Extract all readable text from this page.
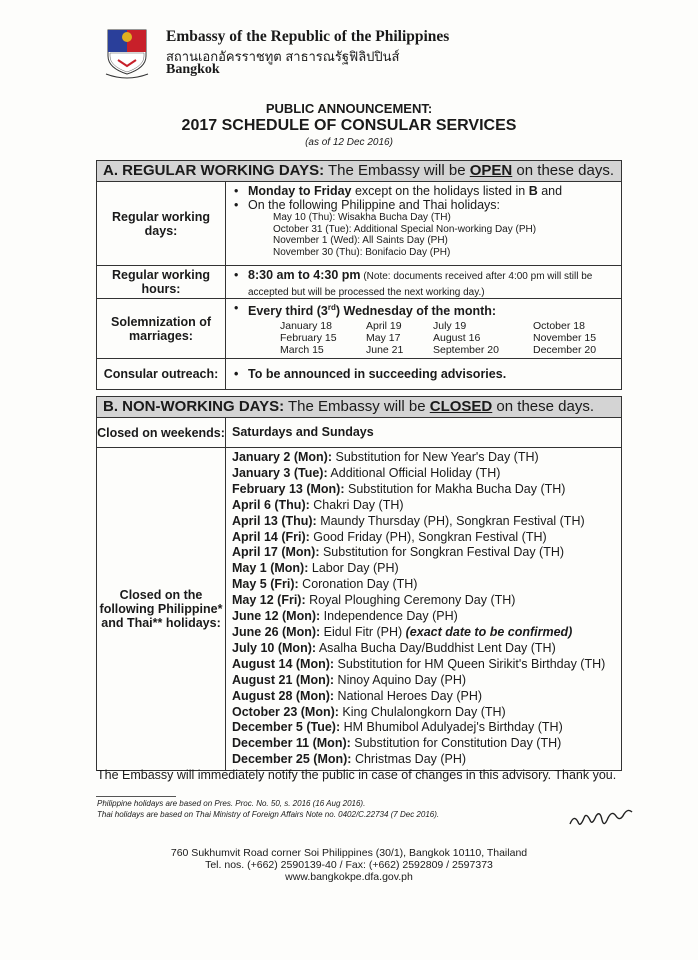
Embassy of the Republic of the Philippines
สถานเอกอัครราชทูต สาธารณรัฐฟิลิปปินส์
Bangkok
PUBLIC ANNOUNCEMENT:
2017 SCHEDULE OF CONSULAR SERVICES
(as of 12 Dec 2016)
A. REGULAR WORKING DAYS: The Embassy will be OPEN on these days.
Regular working days:
• Monday to Friday except on the holidays listed in B and
• On the following Philippine and Thai holidays:
May 10 (Thu): Wisakha Bucha Day (TH)
October 31 (Tue): Additional Special Non-working Day (PH)
November 1 (Wed): All Saints Day (PH)
November 30 (Thu): Bonifacio Day (PH)
Regular working hours:
• 8:30 am to 4:30 pm (Note: documents received after 4:00 pm will still be accepted but will be processed the next working day.)
Solemnization of marriages:
• Every third (3rd) Wednesday of the month:
January 18	April 19	July 19	October 18
February 15	May 17	August 16	November 15
March 15	June 21	September 20	December 20
Consular outreach:
•	To be announced in succeeding advisories.
B. NON-WORKING DAYS: The Embassy will be CLOSED on these days.
Closed on weekends: Saturdays and Sundays
Closed on the following Philippine* and Thai** holidays:
January 2 (Mon): Substitution for New Year's Day (TH)
January 3 (Tue): Additional Official Holiday (TH)
February 13 (Mon): Substitution for Makha Bucha Day (TH)
April 6 (Thu): Chakri Day (TH)
April 13 (Thu): Maundy Thursday (PH), Songkran Festival (TH)
April 14 (Fri): Good Friday (PH), Songkran Festival (TH)
April 17 (Mon): Substitution for Songkran Festival Day (TH)
May 1 (Mon): Labor Day (PH)
May 5 (Fri): Coronation Day (TH)
May 12 (Fri): Royal Ploughing Ceremony Day (TH)
June 12 (Mon): Independence Day (PH)
June 26 (Mon): Eidul Fitr (PH) (exact date to be confirmed)
July 10 (Mon): Asalha Bucha Day/Buddhist Lent Day (TH)
August 14 (Mon): Substitution for HM Queen Sirikit's Birthday (TH)
August 21 (Mon): Ninoy Aquino Day (PH)
August 28 (Mon): National Heroes Day (PH)
October 23 (Mon): King Chulalongkorn Day (TH)
December 5 (Tue): HM Bhumibol Adulyadej's Birthday (TH)
December 11 (Mon): Substitution for Constitution Day (TH)
December 25 (Mon): Christmas Day (PH)
The Embassy will immediately notify the public in case of changes in this advisory. Thank you.
Philippine holidays are based on Pres. Proc. No. 50, s. 2016 (16 Aug 2016).
Thai holidays are based on Thai Ministry of Foreign Affairs Note no. 0402/C.22734 (7 Dec 2016).
760 Sukhumvit Road corner Soi Philippines (30/1), Bangkok 10110, Thailand
Tel. nos. (+662) 2590139-40 / Fax: (+662) 2592809 / 2597373
www.bangkokpe.dfa.gov.ph
